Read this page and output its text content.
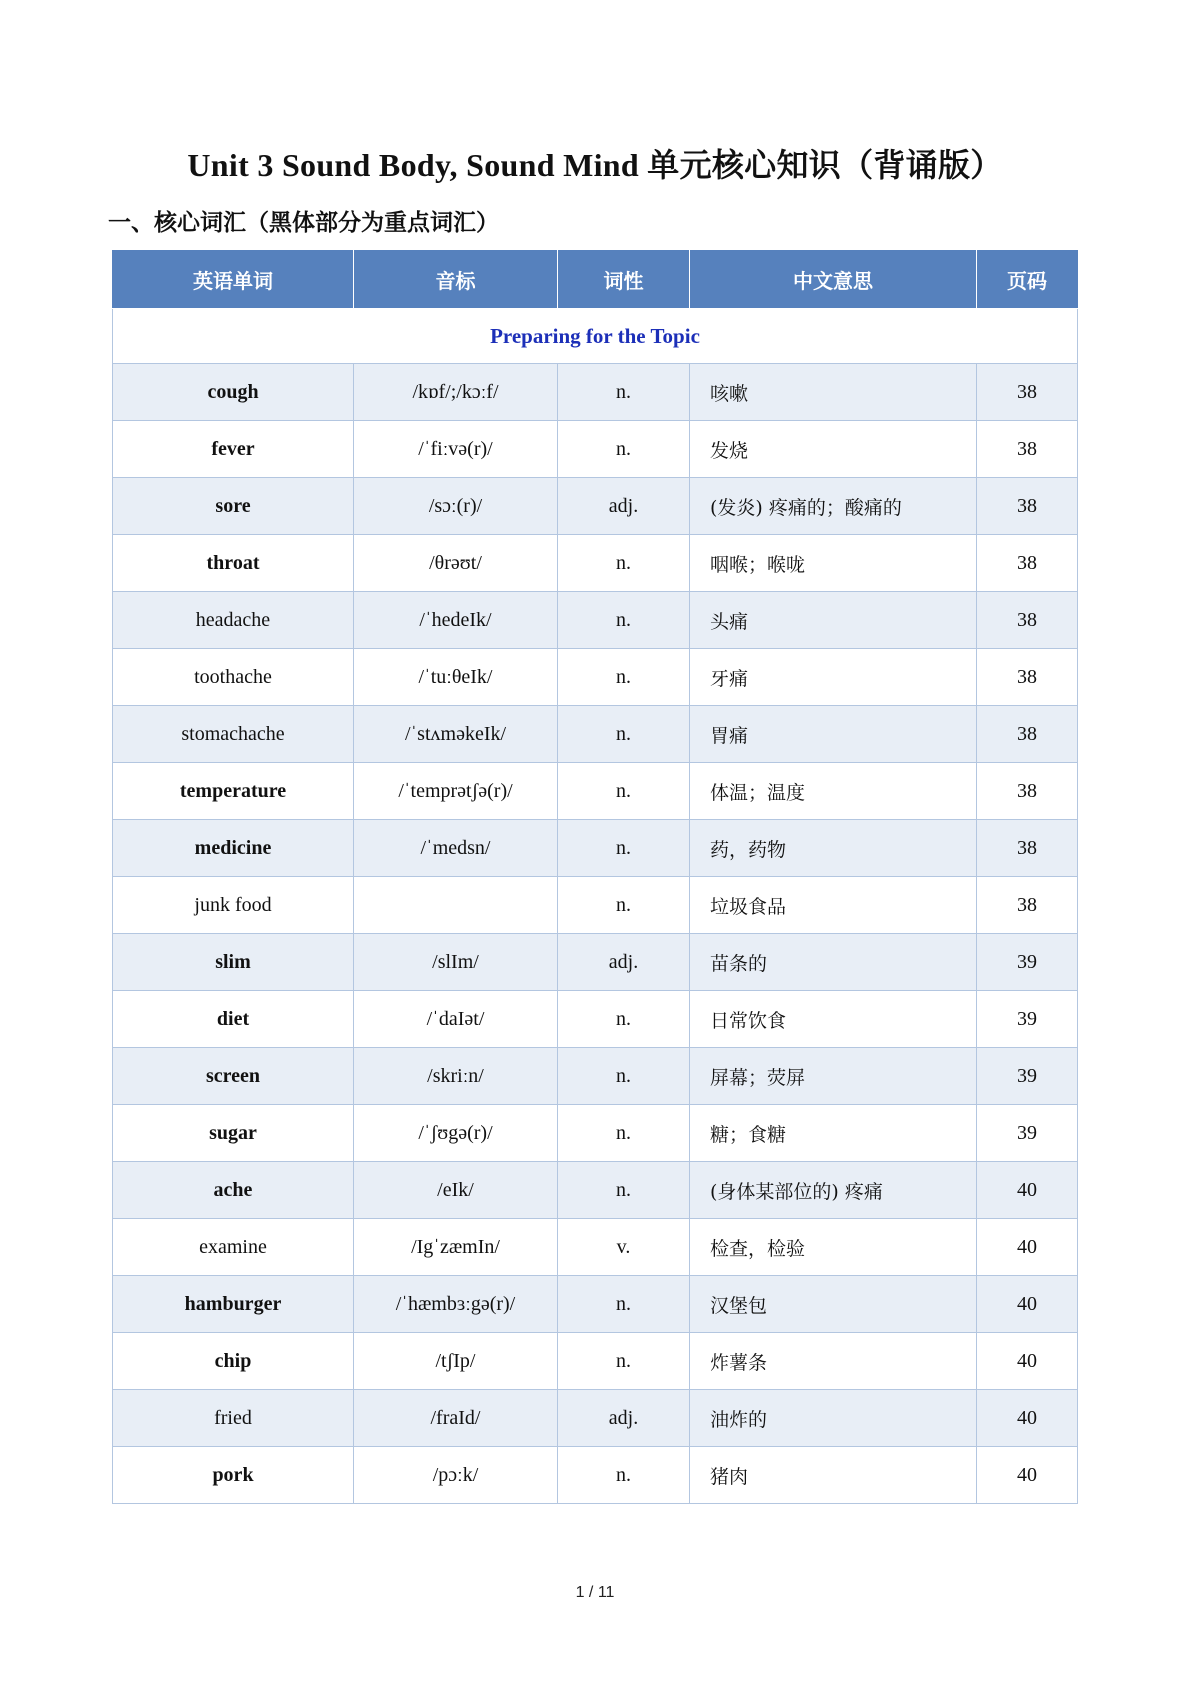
Unit 3 Sound Body, Sound Mind 单元核心知识（背诵版）
一、核心词汇（黑体部分为重点词汇）
英语单词	音标	词性	中文意思	页码
Preparing for the Topic				
cough	/kɒf/;/kɔːf/	n.	咳嗽	38
fever	/ˈfiːvə(r)/	n.	发烧	38
sore	/sɔː(r)/	adj.	(发炎) 疼痛的；酸痛的	38
throat	/θrəʊt/	n.	咽喉；喉咙	38
headache	/ˈhedeIk/	n.	头痛	38
toothache	/ˈtuːθeIk/	n.	牙痛	38
stomachache	/ˈstʌməkeIk/	n.	胃痛	38
temperature	/ˈtemprətʃə(r)/	n.	体温；温度	38
medicine	/ˈmedsn/	n.	药，药物	38
junk food		n.	垃圾食品	38
slim	/slIm/	adj.	苗条的	39
diet	/ˈdaIət/	n.	日常饮食	39
screen	/skriːn/	n.	屏幕；荧屏	39
sugar	/ˈʃʊgə(r)/	n.	糖；食糖	39
ache	/eIk/	n.	(身体某部位的) 疼痛	40
examine	/IgˈzæmIn/	v.	检查，检验	40
hamburger	/ˈhæmbɜːgə(r)/	n.	汉堡包	40
chip	/tʃIp/	n.	炸薯条	40
fried	/fraId/	adj.	油炸的	40
pork	/pɔːk/	n.	猪肉	40
1 / 11
